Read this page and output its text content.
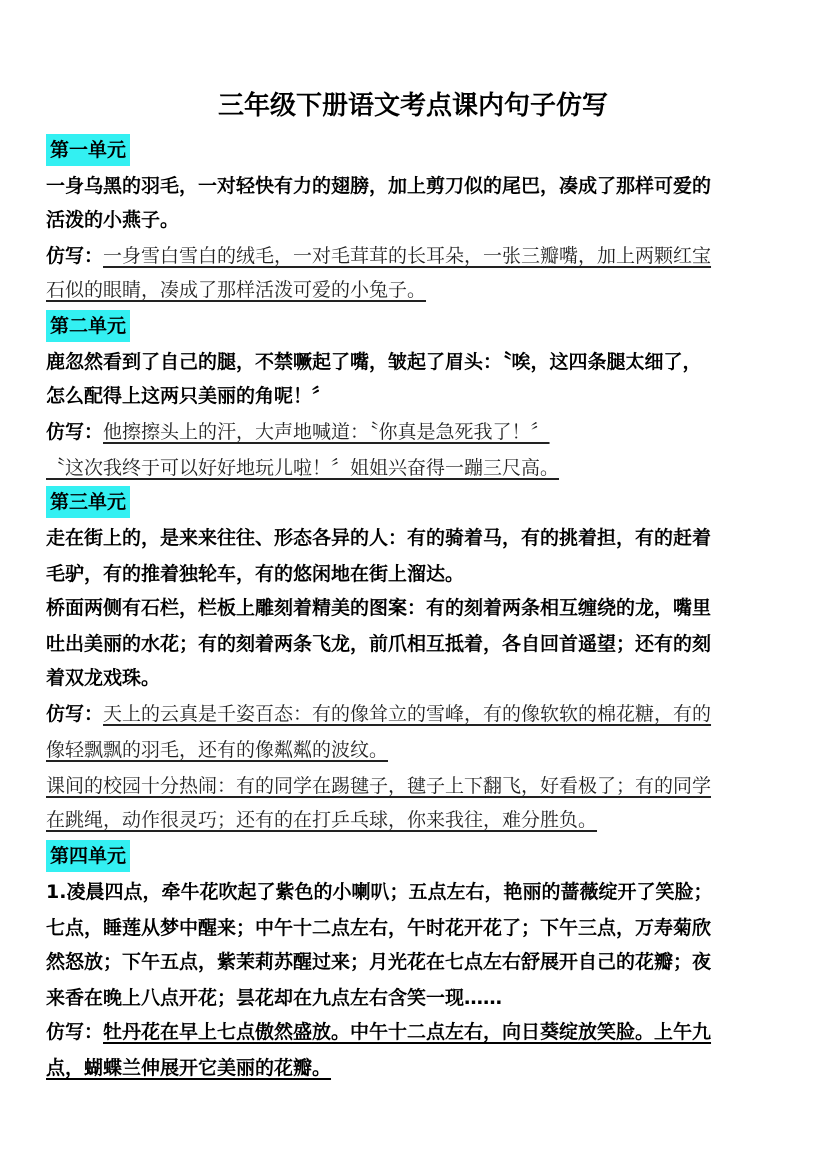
三年级下册语文考点课内句子仿写
第一单元
一身乌黑的羽毛，一对轻快有力的翅膀，加上剪刀似的尾巴，凑成了那样可爱的
活泼的小燕子。
仿写：一身雪白雪白的绒毛，一对毛茸茸的长耳朵，一张三瓣嘴，加上两颗红宝
石似的眼睛，凑成了那样活泼可爱的小兔子。
第二单元
鹿忽然看到了自己的腿，不禁噘起了嘴，皱起了眉头：〝唉，这四条腿太细了，
怎么配得上这两只美丽的角呢！〞
仿写：他擦擦头上的汗，大声地喊道：〝你真是急死我了！〞
〝这次我终于可以好好地玩儿啦！〞姐姐兴奋得一蹦三尺高。
第三单元
走在街上的，是来来往往、形态各异的人：有的骑着马，有的挑着担，有的赶着
毛驴，有的推着独轮车，有的悠闲地在街上溜达。
桥面两侧有石栏，栏板上雕刻着精美的图案：有的刻着两条相互缠绕的龙，嘴里
吐出美丽的水花；有的刻着两条飞龙，前爪相互抵着，各自回首遥望；还有的刻
着双龙戏珠。
仿写：天上的云真是千姿百态：有的像耸立的雪峰，有的像软软的棉花糖，有的
像轻飘飘的羽毛，还有的像粼粼的波纹。
课间的校园十分热闹：有的同学在踢毽子，毽子上下翻飞，好看极了；有的同学
在跳绳，动作很灵巧；还有的在打乒乓球，你来我往，难分胜负。
第四单元
1.凌晨四点，牵牛花吹起了紫色的小喇叭；五点左右，艳丽的蔷薇绽开了笑脸；
七点，睡莲从梦中醒来；中午十二点左右，午时花开花了；下午三点，万寿菊欣
然怒放；下午五点，紫茉莉苏醒过来；月光花在七点左右舒展开自己的花瓣；夜
来香在晚上八点开花；昙花却在九点左右含笑一现……
仿写：牡丹花在早上七点傲然盛放。中午十二点左右，向日葵绽放笑脸。上午九
点，蝴蝶兰伸展开它美丽的花瓣。
